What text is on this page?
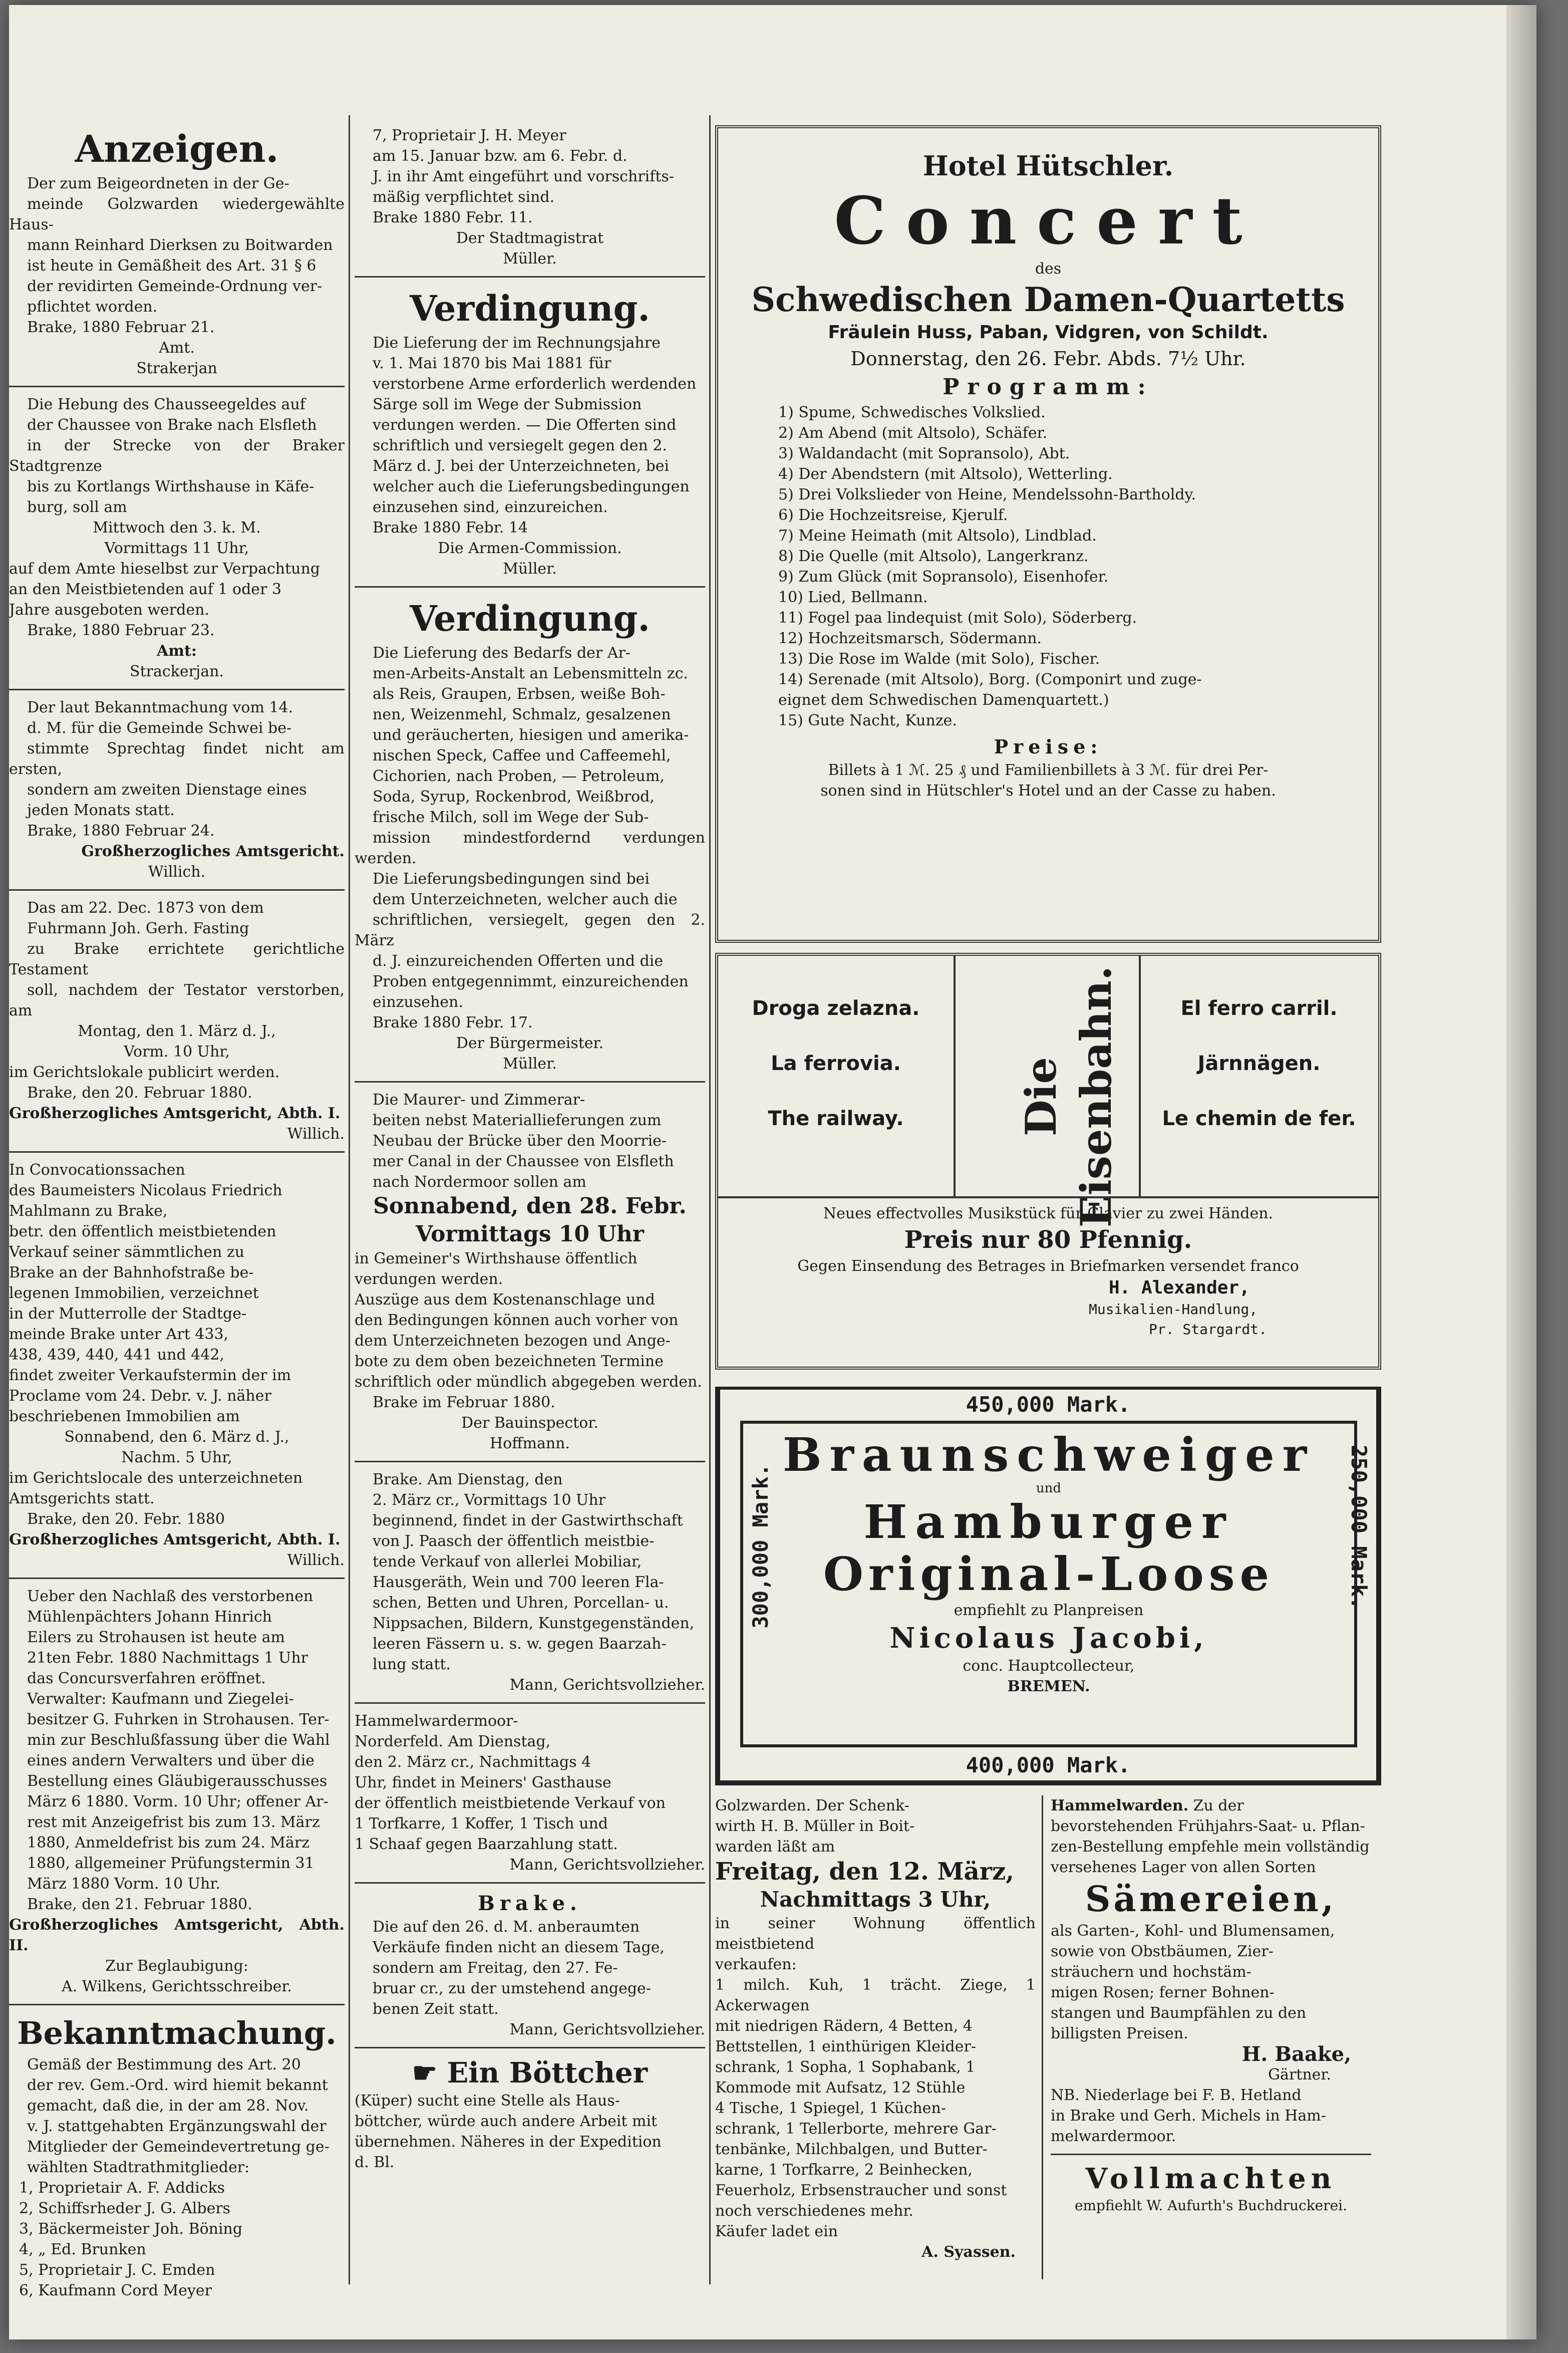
Anzeigen.

Der zum Beigeordneten in der Ge-

meinde Golzwarden wiedergewählte Haus-

mann Reinhard Dierksen zu Boitwarden

ist heute in Gemäßheit des Art. 31 § 6

der revidirten Gemeinde-Ordnung ver-

pflichtet worden.

Brake, 1880 Februar 21.

Amt.

Strakerjan

Die Hebung des Chausseegeldes auf

der Chaussee von Brake nach Elsfleth

in der Strecke von der Braker Stadtgrenze

bis zu Kortlangs Wirthshause in Käfe-

burg, soll am

Mittwoch den 3. k. M.

Vormittags 11 Uhr,

auf dem Amte hieselbst zur Verpachtung

an den Meistbietenden auf 1 oder 3

Jahre ausgeboten werden.

Brake, 1880 Februar 23.

Amt:

Strackerjan.

Der laut Bekanntmachung vom 14.

d. M. für die Gemeinde Schwei be-

stimmte Sprechtag findet nicht am ersten,

sondern am zweiten Dienstage eines

jeden Monats statt.

Brake, 1880 Februar 24.

Großherzogliches Amtsgericht.

Willich.

Das am 22. Dec. 1873 von dem

Fuhrmann Joh. Gerh. Fasting

zu Brake errichtete gerichtliche Testament

soll, nachdem der Testator verstorben, am

Montag, den 1. März d. J.,

Vorm. 10 Uhr,

im Gerichtslokale publicirt werden.

Brake, den 20. Februar 1880.

Großherzogliches Amtsgericht, Abth. I.

Willich.

In Convocationssachen

des Baumeisters Nicolaus Friedrich

Mahlmann zu Brake,

betr. den öffentlich meistbietenden

Verkauf seiner sämmtlichen zu

Brake an der Bahnhofstraße be-

legenen Immobilien, verzeichnet

in der Mutterrolle der Stadtge-

meinde Brake unter Art 433,

438, 439, 440, 441 und 442,

findet zweiter Verkaufstermin der im

Proclame vom 24. Debr. v. J. näher

beschriebenen Immobilien am

Sonnabend, den 6. März d. J.,

Nachm. 5 Uhr,

im Gerichtslocale des unterzeichneten

Amtsgerichts statt.

Brake, den 20. Febr. 1880

Großherzogliches Amtsgericht, Abth. I.

Willich.

Ueber den Nachlaß des verstorbenen

Mühlenpächters Johann Hinrich

Eilers zu Strohausen ist heute am

21ten Febr. 1880 Nachmittags 1 Uhr

das Concursverfahren eröffnet.

Verwalter: Kaufmann und Ziegelei-

besitzer G. Fuhrken in Strohausen. Ter-

min zur Beschlußfassung über die Wahl

eines andern Verwalters und über die

Bestellung eines Gläubigerausschusses

März 6 1880. Vorm. 10 Uhr; offener Ar-

rest mit Anzeigefrist bis zum 13. März

1880, Anmeldefrist bis zum 24. März

1880, allgemeiner Prüfungstermin 31

März 1880 Vorm. 10 Uhr.

Brake, den 21. Februar 1880.

Großherzogliches Amtsgericht, Abth. II.

Zur Beglaubigung:

A. Wilkens, Gerichtsschreiber.

Bekanntmachung.

Gemäß der Bestimmung des Art. 20

der rev. Gem.-Ord. wird hiemit bekannt

gemacht, daß die, in der am 28. Nov.

v. J. stattgehabten Ergänzungswahl der

Mitglieder der Gemeindevertretung ge-

wählten Stadtrathmitglieder:

1, Proprietair A. F. Addicks

2, Schiffsrheder J. G. Albers

3, Bäckermeister Joh. Böning

4, „ Ed. Brunken

5, Proprietair J. C. Emden

6, Kaufmann Cord Meyer

7, Proprietair J. H. Meyer

am 15. Januar bzw. am 6. Febr. d.

J. in ihr Amt eingeführt und vorschrifts-

mäßig verpflichtet sind.

Brake 1880 Febr. 11.

Der Stadtmagistrat

Müller.

Verdingung.

Die Lieferung der im Rechnungsjahre

v. 1. Mai 1870 bis Mai 1881 für

verstorbene Arme erforderlich werdenden

Särge soll im Wege der Submission

verdungen werden. — Die Offerten sind

schriftlich und versiegelt gegen den 2.

März d. J. bei der Unterzeichneten, bei

welcher auch die Lieferungsbedingungen

einzusehen sind, einzureichen.

Brake 1880 Febr. 14

Die Armen-Commission.

Müller.

Verdingung.

Die Lieferung des Bedarfs der Ar-

men-Arbeits-Anstalt an Lebensmitteln zc.

als Reis, Graupen, Erbsen, weiße Boh-

nen, Weizenmehl, Schmalz, gesalzenen

und geräucherten, hiesigen und amerika-

nischen Speck, Caffee und Caffeemehl,

Cichorien, nach Proben, — Petroleum,

Soda, Syrup, Rockenbrod, Weißbrod,

frische Milch, soll im Wege der Sub-

mission mindestfordernd verdungen werden.

Die Lieferungsbedingungen sind bei

dem Unterzeichneten, welcher auch die

schriftlichen, versiegelt, gegen den 2. März

d. J. einzureichenden Offerten und die

Proben entgegennimmt, einzureichenden

einzusehen.

Brake 1880 Febr. 17.

Der Bürgermeister.

Müller.

Die Maurer- und Zimmerar-

beiten nebst Materiallieferungen zum

Neubau der Brücke über den Moorrie-

mer Canal in der Chaussee von Elsfleth

nach Nordermoor sollen am

Sonnabend, den 28. Febr.

Vormittags 10 Uhr

in Gemeiner's Wirthshause öffentlich

verdungen werden.

Auszüge aus dem Kostenanschlage und

den Bedingungen können auch vorher von

dem Unterzeichneten bezogen und Ange-

bote zu dem oben bezeichneten Termine

schriftlich oder mündlich abgegeben werden.

Brake im Februar 1880.

Der Bauinspector.

Hoffmann.

Brake. Am Dienstag, den

2. März cr., Vormittags 10 Uhr

beginnend, findet in der Gastwirthschaft

von J. Paasch der öffentlich meistbie-

tende Verkauf von allerlei Mobiliar,

Hausgeräth, Wein und 700 leeren Fla-

schen, Betten und Uhren, Porcellan- u.

Nippsachen, Bildern, Kunstgegenständen,

leeren Fässern u. s. w. gegen Baarzah-

lung statt.

Mann, Gerichtsvollzieher.

Hammelwardermoor-

Norderfeld. Am Dienstag,

den 2. März cr., Nachmittags 4

Uhr, findet in Meiners' Gasthause

der öffentlich meistbietende Verkauf von

1 Torfkarre, 1 Koffer, 1 Tisch und

1 Schaaf gegen Baarzahlung statt.

Mann, Gerichtsvollzieher.

Brake.

Die auf den 26. d. M. anberaumten

Verkäufe finden nicht an diesem Tage,

sondern am Freitag, den 27. Fe-

bruar cr., zu der umstehend angege-

benen Zeit statt.

Mann, Gerichtsvollzieher.

☛ Ein Böttcher

(Küper) sucht eine Stelle als Haus-

böttcher, würde auch andere Arbeit mit

übernehmen. Näheres in der Expedition

d. Bl.

Hotel Hütschler.

Concert

des

Schwedischen Damen-Quartetts

Fräulein Huss, Paban, Vidgren, von Schildt.

Donnerstag, den 26. Febr. Abds. 7½ Uhr.

Programm:

1) Spume, Schwedisches Volkslied.

2) Am Abend (mit Altsolo), Schäfer.

3) Waldandacht (mit Sopransolo), Abt.

4) Der Abendstern (mit Altsolo), Wetterling.

5) Drei Volkslieder von Heine, Mendelssohn-Bartholdy.

6) Die Hochzeitsreise, Kjerulf.

7) Meine Heimath (mit Altsolo), Lindblad.

8) Die Quelle (mit Altsolo), Langerkranz.

9) Zum Glück (mit Sopransolo), Eisenhofer.

10) Lied, Bellmann.

11) Fogel paa lindequist (mit Solo), Söderberg.

12) Hochzeitsmarsch, Södermann.

13) Die Rose im Walde (mit Solo), Fischer.

14) Serenade (mit Altsolo), Borg. (Componirt und zuge-

eignet dem Schwedischen Damenquartett.)

15) Gute Nacht, Kunze.

Preise:

Billets à 1 ℳ. 25 ₰ und Familienbillets à 3 ℳ. für drei Per-

sonen sind in Hütschler's Hotel und an der Casse zu haben.

Droga zelazna.

La ferrovia.

The railway.	Die Eisenbahn.	El ferro carril.

Järnnägen.

Le chemin de fer.

Neues effectvolles Musikstück für Clavier zu zwei Händen.

Preis nur 80 Pfennig.

Gegen Einsendung des Betrages in Briefmarken versendet franco

H. Alexander,

Musikalien-Handlung,

Pr. Stargardt.

450,000 Mark.

300,000 Mark.

Braunschweiger

und

Hamburger

Original-Loose

empfiehlt zu Planpreisen

Nicolaus Jacobi,

conc. Hauptcollecteur,

BREMEN.

250,000 Mark.

400,000 Mark.

Golzwarden. Der Schenk-

wirth H. B. Müller in Boit-

warden läßt am

Freitag, den 12. März,

Nachmittags 3 Uhr,

in seiner Wohnung öffentlich meistbietend

verkaufen:

1 milch. Kuh, 1 trächt. Ziege, 1 Ackerwagen

mit niedrigen Rädern, 4 Betten, 4

Bettstellen, 1 einthürigen Kleider-

schrank, 1 Sopha, 1 Sophabank, 1

Kommode mit Aufsatz, 12 Stühle

4 Tische, 1 Spiegel, 1 Küchen-

schrank, 1 Tellerborte, mehrere Gar-

tenbänke, Milchbalgen, und Butter-

karne, 1 Torfkarre, 2 Beinhecken,

Feuerholz, Erbsenstraucher und sonst

noch verschiedenes mehr.

Käufer ladet ein

A. Syassen.

Hammelwarden. Zu der

bevorstehenden Frühjahrs-Saat- u. Pflan-

zen-Bestellung empfehle mein vollständig

versehenes Lager von allen Sorten

Sämereien,

als Garten-, Kohl- und Blumensamen,

sowie von Obstbäumen, Zier-

sträuchern und hochstäm-

migen Rosen; ferner Bohnen-

stangen und Baumpfählen zu den

billigsten Preisen.

H. Baake,

Gärtner.

NB. Niederlage bei F. B. Hetland

in Brake und Gerh. Michels in Ham-

melwardermoor.

Vollmachten

empfiehlt W. Aufurth's Buchdruckerei.
